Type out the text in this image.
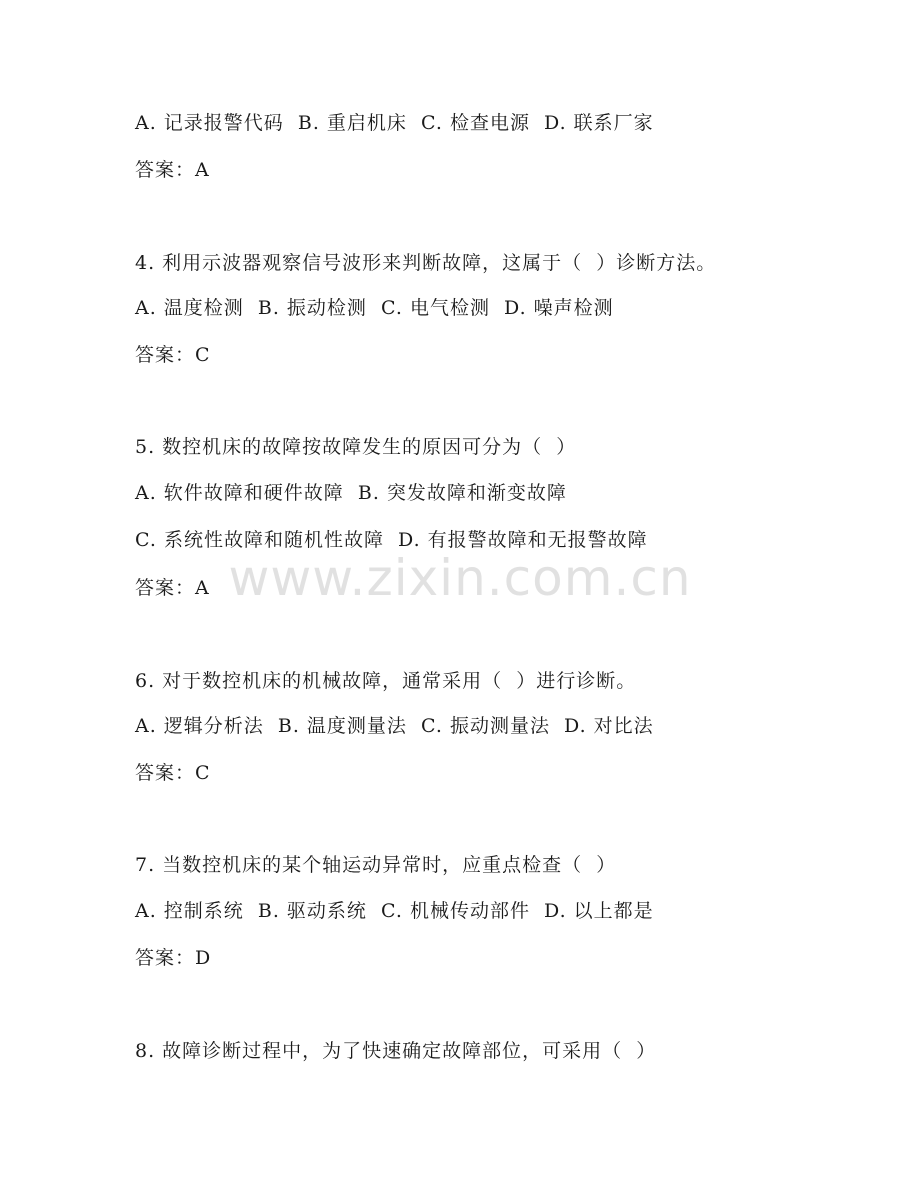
A. 记录报警代码  B. 重启机床  C. 检查电源  D. 联系厂家
答案：A
4. 利用示波器观察信号波形来判断故障，这属于（  ）诊断方法。
A. 温度检测  B. 振动检测  C. 电气检测  D. 噪声检测
答案：C
5. 数控机床的故障按故障发生的原因可分为（  ）
A. 软件故障和硬件故障  B. 突发故障和渐变故障
C. 系统性故障和随机性故障  D. 有报警故障和无报警故障
答案：A
6. 对于数控机床的机械故障，通常采用（  ）进行诊断。
A. 逻辑分析法  B. 温度测量法  C. 振动测量法  D. 对比法
答案：C
7. 当数控机床的某个轴运动异常时，应重点检查（  ）
A. 控制系统  B. 驱动系统  C. 机械传动部件  D. 以上都是
答案：D
8. 故障诊断过程中，为了快速确定故障部位，可采用（  ）
www.zixin.com.cn
